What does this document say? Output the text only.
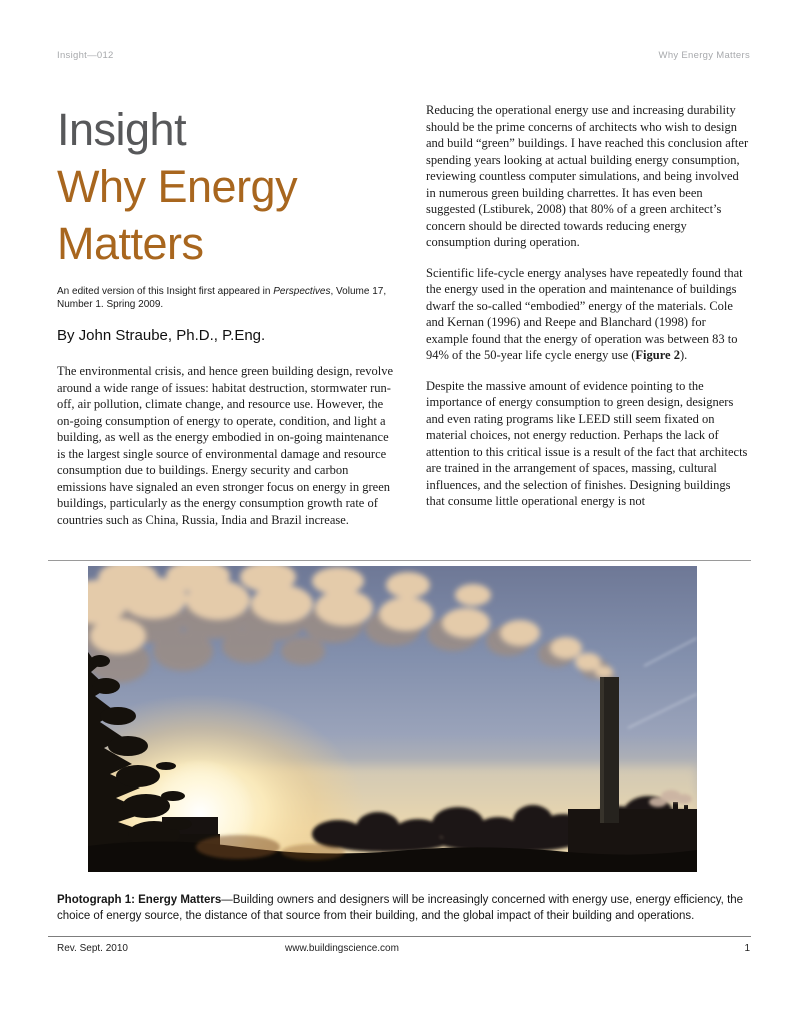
Insight—012	Why Energy Matters
Insight
Why Energy
Matters

An edited version of this Insight first appeared in Perspectives, Volume 17, Number 1. Spring 2009.

By John Straube, Ph.D., P.Eng.

The environmental crisis, and hence green building design, revolve around a wide range of issues: habitat destruction, stormwater run-off, air pollution, climate change, and resource use. However, the on-going consumption of energy to operate, condition, and light a building, as well as the energy embodied in on-going maintenance is the largest single source of environmental damage and resource consumption due to buildings. Energy security and carbon emissions have signaled an even stronger focus on energy in green buildings, particularly as the energy consumption growth rate of countries such as China, Russia, India and Brazil increase.

Reducing the operational energy use and increasing durability should be the prime concerns of architects who wish to design and build “green” buildings. I have reached this conclusion after spending years looking at actual building energy consumption, reviewing countless computer simulations, and being involved in numerous green building charrettes. It has even been suggested (Lstiburek, 2008) that 80% of a green architect’s concern should be directed towards reducing energy consumption during operation.

Scientific life-cycle energy analyses have repeatedly found that the energy used in the operation and maintenance of buildings dwarf the so-called “embodied” energy of the materials. Cole and Kernan (1996) and Reepe and Blanchard (1998) for example found that the energy of operation was between 83 to 94% of the 50-year life cycle energy use (Figure 2).

Despite the massive amount of evidence pointing to the importance of energy consumption to green design, designers and even rating programs like LEED still seem fixated on material choices, not energy reduction. Perhaps the lack of attention to this critical issue is a result of the fact that architects are trained in the arrangement of spaces, massing, cultural influences, and the selection of finishes. Designing buildings that consume little operational energy is not

Photograph 1: Energy Matters—Building owners and designers will be increasingly concerned with energy use, energy efficiency, the choice of energy source, the distance of that source from their building, and the global impact of their building and operations.

Rev. Sept. 2010	www.buildingscience.com	1
